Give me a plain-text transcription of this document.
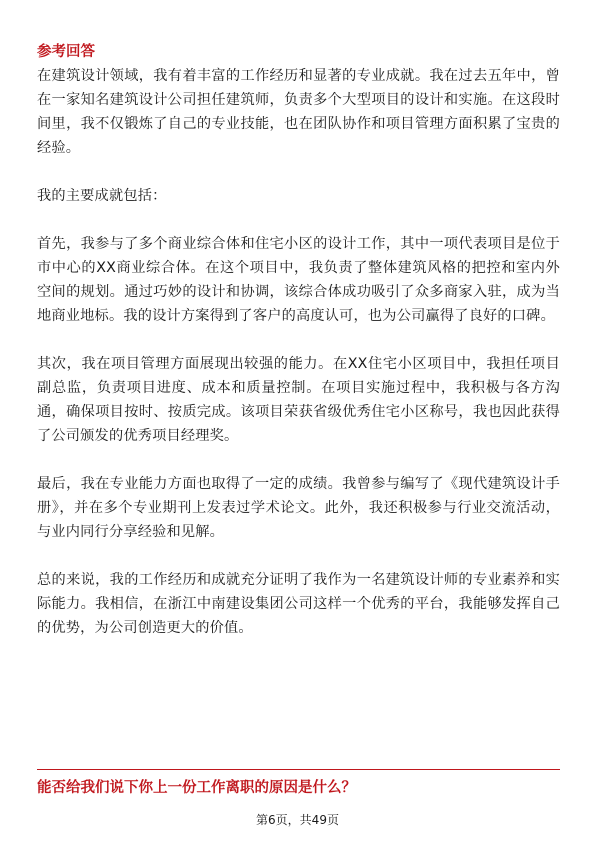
参考回答

在建筑设计领域，我有着丰富的工作经历和显著的专业成就。我在过去五年中，曾在一家知名建筑设计公司担任建筑师，负责多个大型项目的设计和实施。在这段时间里，我不仅锻炼了自己的专业技能，也在团队协作和项目管理方面积累了宝贵的经验。

我的主要成就包括：

首先，我参与了多个商业综合体和住宅小区的设计工作，其中一项代表项目是位于市中心的XX商业综合体。在这个项目中，我负责了整体建筑风格的把控和室内外空间的规划。通过巧妙的设计和协调，该综合体成功吸引了众多商家入驻，成为当地商业地标。我的设计方案得到了客户的高度认可，也为公司赢得了良好的口碑。

其次，我在项目管理方面展现出较强的能力。在XX住宅小区项目中，我担任项目副总监，负责项目进度、成本和质量控制。在项目实施过程中，我积极与各方沟通，确保项目按时、按质完成。该项目荣获省级优秀住宅小区称号，我也因此获得了公司颁发的优秀项目经理奖。

最后，我在专业能力方面也取得了一定的成绩。我曾参与编写了《现代建筑设计手册》，并在多个专业期刊上发表过学术论文。此外，我还积极参与行业交流活动，与业内同行分享经验和见解。

总的来说，我的工作经历和成就充分证明了我作为一名建筑设计师的专业素养和实际能力。我相信，在浙江中南建设集团公司这样一个优秀的平台，我能够发挥自己的优势，为公司创造更大的价值。

能否给我们说下你上一份工作离职的原因是什么？

第6页，共49页
